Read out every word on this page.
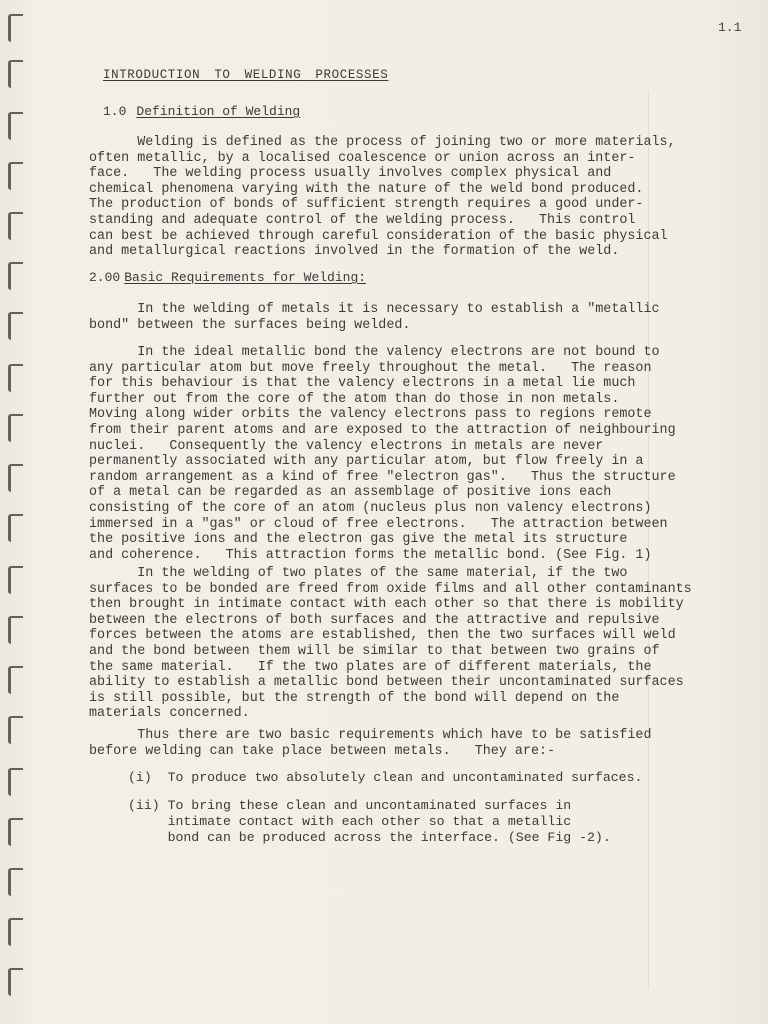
1.1
INTRODUCTION TO WELDING PROCESSES
1.0 Definition of Welding
Welding is defined as the process of joining two or more materials,
often metallic, by a localised coalescence or union across an inter-
face.   The welding process usually involves complex physical and
chemical phenomena varying with the nature of the weld bond produced.
The production of bonds of sufficient strength requires a good under-
standing and adequate control of the welding process.   This control
can best be achieved through careful consideration of the basic physical
and metallurgical reactions involved in the formation of the weld.
2.00 Basic Requirements for Welding:
In the welding of metals it is necessary to establish a "metallic
bond" between the surfaces being welded.
In the ideal metallic bond the valency electrons are not bound to
any particular atom but move freely throughout the metal.   The reason
for this behaviour is that the valency electrons in a metal lie much
further out from the core of the atom than do those in non metals.
Moving along wider orbits the valency electrons pass to regions remote
from their parent atoms and are exposed to the attraction of neighbouring
nuclei.   Consequently the valency electrons in metals are never
permanently associated with any particular atom, but flow freely in a
random arrangement as a kind of free "electron gas".   Thus the structure
of a metal can be regarded as an assemblage of positive ions each
consisting of the core of an atom (nucleus plus non valency electrons)
immersed in a "gas" or cloud of free electrons.   The attraction between
the positive ions and the electron gas give the metal its structure
and coherence.   This attraction forms the metallic bond. (See Fig. 1)
In the welding of two plates of the same material, if the two
surfaces to be bonded are freed from oxide films and all other contaminants
then brought in intimate contact with each other so that there is mobility
between the electrons of both surfaces and the attractive and repulsive
forces between the atoms are established, then the two surfaces will weld
and the bond between them will be similar to that between two grains of
the same material.   If the two plates are of different materials, the
ability to establish a metallic bond between their uncontaminated surfaces
is still possible, but the strength of the bond will depend on the
materials concerned.
Thus there are two basic requirements which have to be satisfied
before welding can take place between metals.   They are:-
(i)  To produce two absolutely clean and uncontaminated surfaces.
(ii) To bring these clean and uncontaminated surfaces in
intimate contact with each other so that a metallic
bond can be produced across the interface. (See Fig -2).
